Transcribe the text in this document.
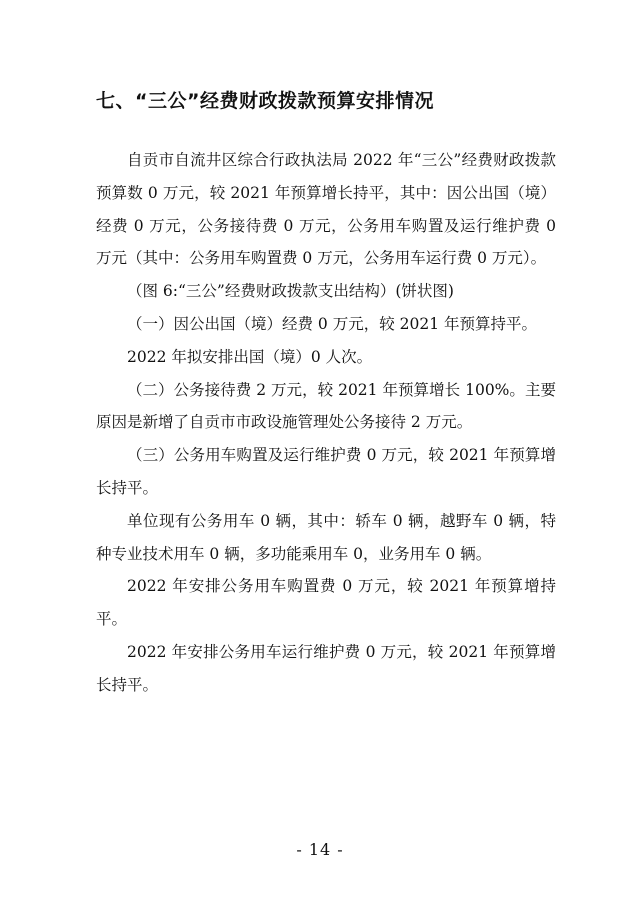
七、“三公”经费财政拨款预算安排情况

自贡市自流井区综合行政执法局 2022 年“三公”经费财政拨款预算数 0 万元，较 2021 年预算增长持平，其中：因公出国（境）经费 0 万元，公务接待费 0 万元，公务用车购置及运行维护费 0 万元（其中：公务用车购置费 0 万元，公务用车运行费 0 万元）。

（图 6:“三公”经费财政拨款支出结构）(饼状图)

（一）因公出国（境）经费 0 万元，较 2021 年预算持平。

2022 年拟安排出国（境）0 人次。

（二）公务接待费 2 万元，较 2021 年预算增长 100%。主要原因是新增了自贡市市政设施管理处公务接待 2 万元。

（三）公务用车购置及运行维护费 0 万元，较 2021 年预算增长持平。

单位现有公务用车 0 辆，其中：轿车 0 辆，越野车 0 辆，特种专业技术用车 0 辆，多功能乘用车 0，业务用车 0 辆。

2022 年安排公务用车购置费 0 万元，较 2021 年预算增持平。

2022 年安排公务用车运行维护费 0 万元，较 2021 年预算增长持平。

- 14 -
